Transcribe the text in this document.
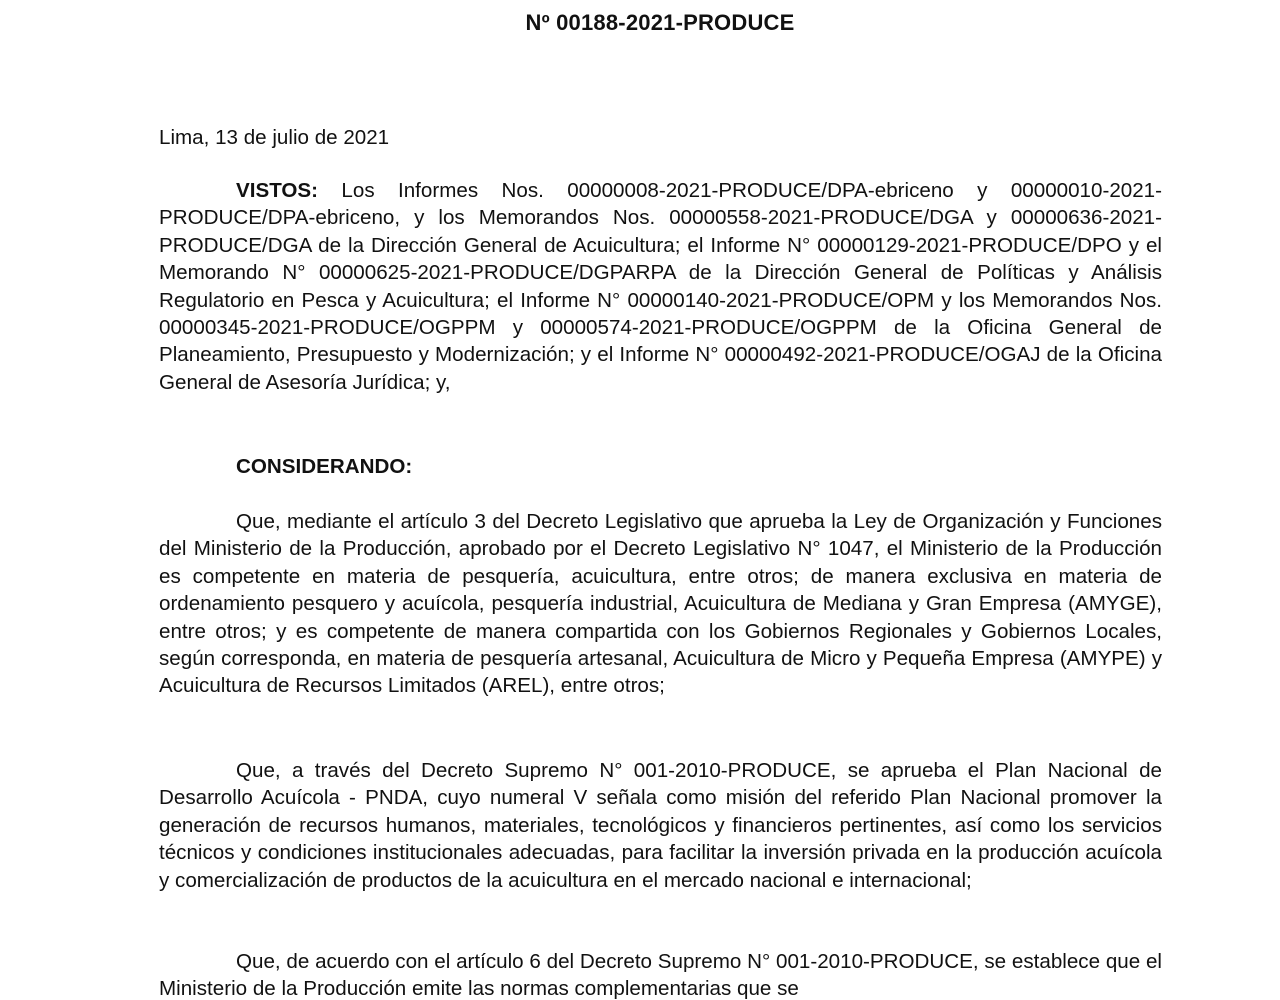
Nº 00188-2021-PRODUCE
Lima, 13 de julio de 2021

VISTOS: Los Informes Nos. 00000008-2021-PRODUCE/DPA-ebriceno y 00000010-2021-PRODUCE/DPA-ebriceno, y los Memorandos Nos. 00000558-2021-PRODUCE/DGA y 00000636-2021-PRODUCE/DGA de la Dirección General de Acuicultura; el Informe N° 00000129-2021-PRODUCE/DPO y el Memorando N° 00000625-2021-PRODUCE/DGPARPA de la Dirección General de Políticas y Análisis Regulatorio en Pesca y Acuicultura; el Informe N° 00000140-2021-PRODUCE/OPM y los Memorandos Nos. 00000345-2021-PRODUCE/OGPPM y 00000574-2021-PRODUCE/OGPPM de la Oficina General de Planeamiento, Presupuesto y Modernización; y el Informe N° 00000492-2021-PRODUCE/OGAJ de la Oficina General de Asesoría Jurídica; y,

CONSIDERANDO:

Que, mediante el artículo 3 del Decreto Legislativo que aprueba la Ley de Organización y Funciones del Ministerio de la Producción, aprobado por el Decreto Legislativo N° 1047, el Ministerio de la Producción es competente en materia de pesquería, acuicultura, entre otros; de manera exclusiva en materia de ordenamiento pesquero y acuícola, pesquería industrial, Acuicultura de Mediana y Gran Empresa (AMYGE), entre otros; y es competente de manera compartida con los Gobiernos Regionales y Gobiernos Locales, según corresponda, en materia de pesquería artesanal, Acuicultura de Micro y Pequeña Empresa (AMYPE) y Acuicultura de Recursos Limitados (AREL), entre otros;

Que, a través del Decreto Supremo N° 001-2010-PRODUCE, se aprueba el Plan Nacional de Desarrollo Acuícola - PNDA, cuyo numeral V señala como misión del referido Plan Nacional promover la generación de recursos humanos, materiales, tecnológicos y financieros pertinentes, así como los servicios técnicos y condiciones institucionales adecuadas, para facilitar la inversión privada en la producción acuícola y comercialización de productos de la acuicultura en el mercado nacional e internacional;

Que, de acuerdo con el artículo 6 del Decreto Supremo N° 001-2010-PRODUCE, se establece que el Ministerio de la Producción emite las normas complementarias que se
